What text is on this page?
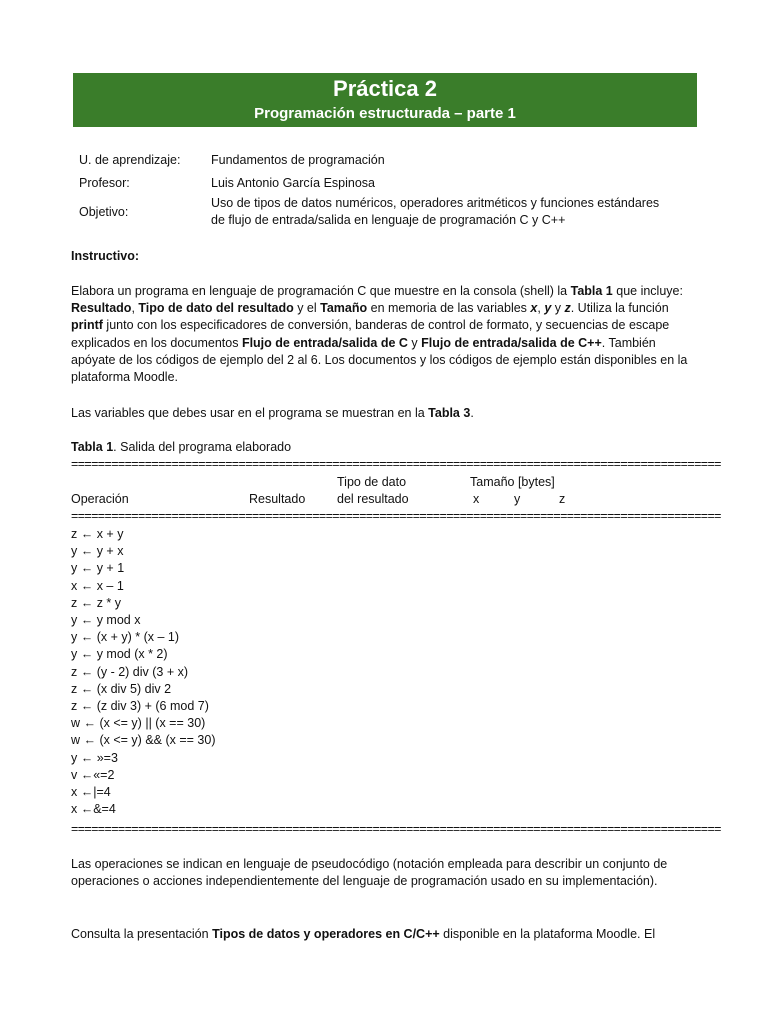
Práctica 2
Programación estructurada – parte 1
U. de aprendizaje: Fundamentos de programación
Profesor:	Luis Antonio García Espinosa
Objetivo:
Uso de tipos de datos numéricos, operadores aritméticos y funciones estándares de flujo de entrada/salida en lenguaje de programación C y C++
Instructivo:
Elabora un programa en lenguaje de programación C que muestre en la consola (shell) la Tabla 1 que incluye: Resultado, Tipo de dato del resultado y el Tamaño en memoria de las variables x, y y z. Utiliza la función printf junto con los especificadores de conversión, banderas de control de formato, y secuencias de escape explicados en los documentos Flujo de entrada/salida de C y Flujo de entrada/salida de C++. También apóyate de los códigos de ejemplo del 2 al 6. Los documentos y los códigos de ejemplo están disponibles en la plataforma Moodle.
Las variables que debes usar en el programa se muestran en la Tabla 3.
Tabla 1. Salida del programa elaborado
=================================================================================================
Tipo de dato	Tamaño [bytes]
Operación	Resultado	del resultado	x	y	z
=================================================================================================
z ← x + y
y ← y + x
y ← y + 1
x ← x – 1
z ← z * y
y ← y mod x
y ← (x + y) * (x – 1)
y ← y mod (x * 2)
z ← (y - 2) div (3 + x)
z ← (x div 5) div 2
z ← (z div 3) + (6 mod 7)
w ← (x <= y) || (x == 30)
w ← (x <= y) && (x == 30)
y ← »=3
v ←«=2
x ←|=4
x ←&=4
=================================================================================================
Las operaciones se indican en lenguaje de pseudocódigo (notación empleada para describir un conjunto de operaciones o acciones independientemente del lenguaje de programación usado en su implementación).
Consulta la presentación Tipos de datos y operadores en C/C++ disponible en la plataforma Moodle. El
